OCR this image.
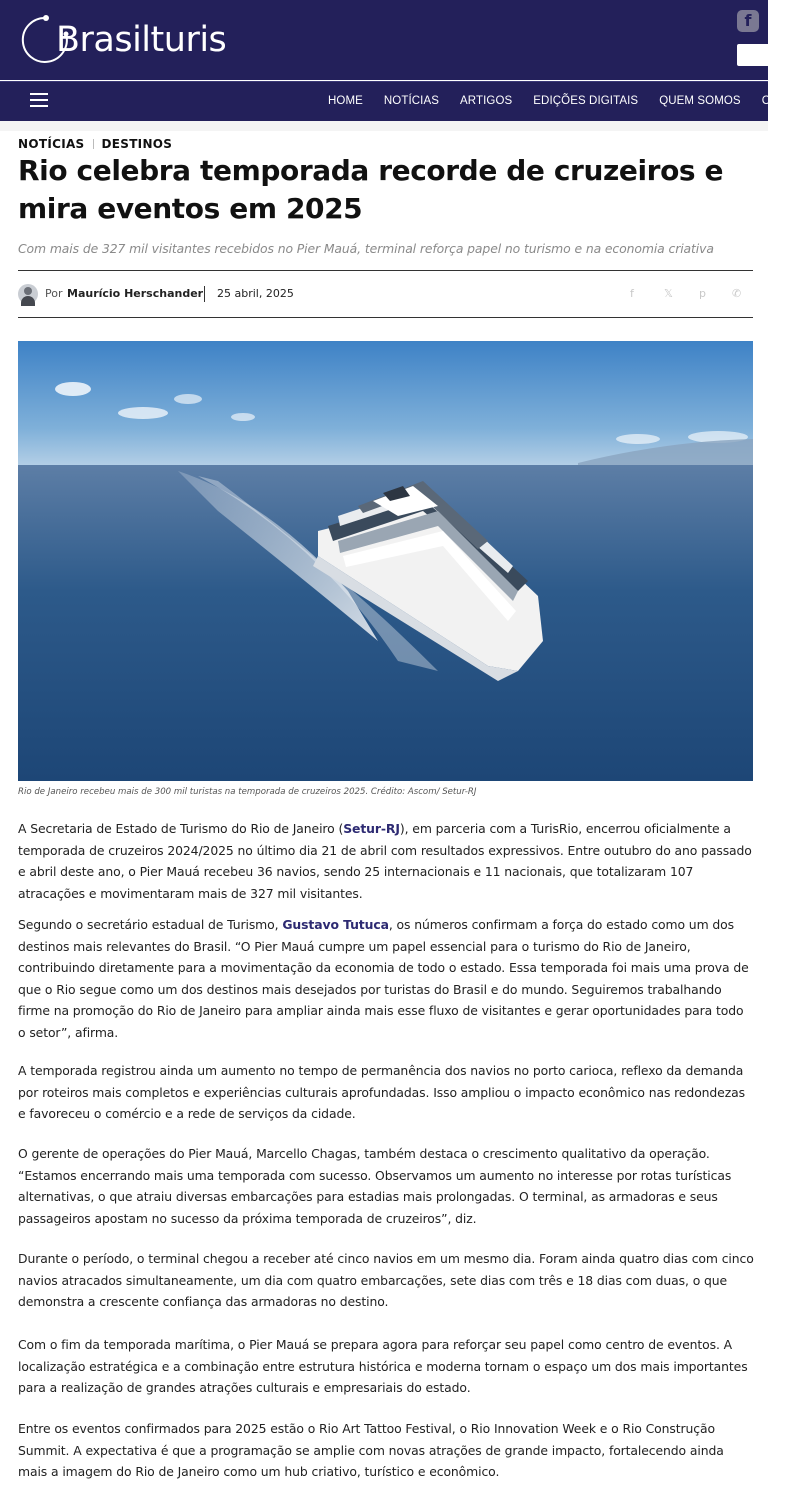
Brasilturis	f
HOME NOTÍCIAS ARTIGOS EDIÇÕES DIGITAIS QUEM SOMOS CON
NOTÍCIAS DESTINOS
Rio celebra temporada recorde de cruzeiros e mira eventos em 2025

Com mais de 327 mil visitantes recebidos no Pier Mauá, terminal reforça papel no turismo e na economia criativa

Por Maurício Herschander 25 abril, 2025	f	𝕏 p ✆

Rio de Janeiro recebeu mais de 300 mil turistas na temporada de cruzeiros 2025. Crédito: Ascom/ Setur-RJ

A Secretaria de Estado de Turismo do Rio de Janeiro (Setur-RJ), em parceria com a TurisRio, encerrou oficialmente a temporada de cruzeiros 2024/2025 no último dia 21 de abril com resultados expressivos. Entre outubro do ano passado e abril deste ano, o Pier Mauá recebeu 36 navios, sendo 25 internacionais e 11 nacionais, que totalizaram 107 atracações e movimentaram mais de 327 mil visitantes.

Segundo o secretário estadual de Turismo, Gustavo Tutuca, os números confirmam a força do estado como um dos destinos mais relevantes do Brasil. “O Pier Mauá cumpre um papel essencial para o turismo do Rio de Janeiro, contribuindo diretamente para a movimentação da economia de todo o estado. Essa temporada foi mais uma prova de que o Rio segue como um dos destinos mais desejados por turistas do Brasil e do mundo. Seguiremos trabalhando firme na promoção do Rio de Janeiro para ampliar ainda mais esse fluxo de visitantes e gerar oportunidades para todo o setor”, afirma.

A temporada registrou ainda um aumento no tempo de permanência dos navios no porto carioca, reflexo da demanda por roteiros mais completos e experiências culturais aprofundadas. Isso ampliou o impacto econômico nas redondezas e favoreceu o comércio e a rede de serviços da cidade.

O gerente de operações do Pier Mauá, Marcello Chagas, também destaca o crescimento qualitativo da operação. “Estamos encerrando mais uma temporada com sucesso. Observamos um aumento no interesse por rotas turísticas alternativas, o que atraiu diversas embarcações para estadias mais prolongadas. O terminal, as armadoras e seus passageiros apostam no sucesso da próxima temporada de cruzeiros”, diz.

Durante o período, o terminal chegou a receber até cinco navios em um mesmo dia. Foram ainda quatro dias com cinco navios atracados simultaneamente, um dia com quatro embarcações, sete dias com três e 18 dias com duas, o que demonstra a crescente confiança das armadoras no destino.

Com o fim da temporada marítima, o Pier Mauá se prepara agora para reforçar seu papel como centro de eventos. A localização estratégica e a combinação entre estrutura histórica e moderna tornam o espaço um dos mais importantes para a realização de grandes atrações culturais e empresariais do estado.

Entre os eventos confirmados para 2025 estão o Rio Art Tattoo Festival, o Rio Innovation Week e o Rio Construção Summit. A expectativa é que a programação se amplie com novas atrações de grande impacto, fortalecendo ainda mais a imagem do Rio de Janeiro como um hub criativo, turístico e econômico.
